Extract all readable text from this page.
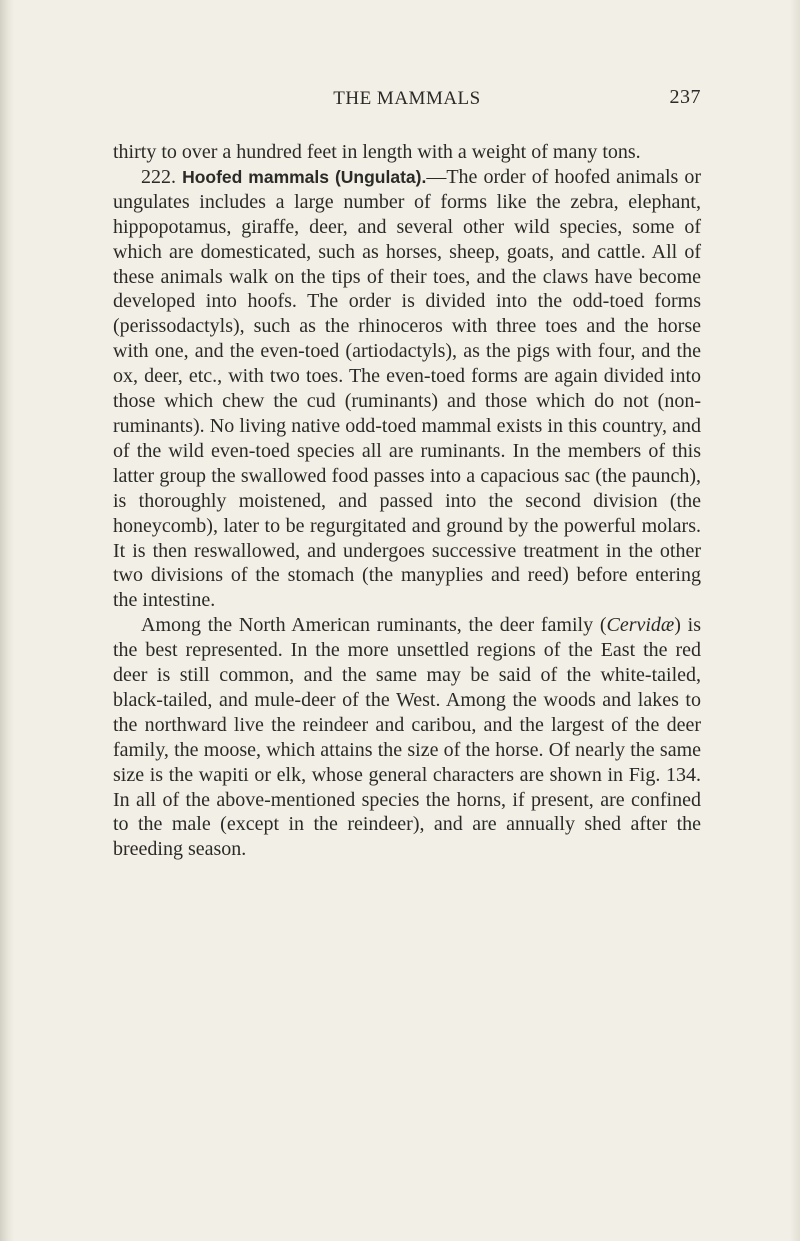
THE MAMMALS	237

thirty to over a hundred feet in length with a weight of many tons.

222. Hoofed mammals (Ungulata).—The order of hoofed animals or ungulates includes a large number of forms like the zebra, elephant, hippopotamus, giraffe, deer, and several other wild species, some of which are domesticated, such as horses, sheep, goats, and cattle. All of these animals walk on the tips of their toes, and the claws have become developed into hoofs. The order is divided into the odd-toed forms (perissodactyls), such as the rhinoceros with three toes and the horse with one, and the even-toed (artiodactyls), as the pigs with four, and the ox, deer, etc., with two toes. The even-toed forms are again divided into those which chew the cud (ruminants) and those which do not (non-ruminants). No living native odd-toed mammal exists in this country, and of the wild even-toed species all are ruminants. In the members of this latter group the swallowed food passes into a capacious sac (the paunch), is thoroughly moistened, and passed into the second division (the honeycomb), later to be regurgitated and ground by the powerful molars. It is then reswallowed, and undergoes successive treatment in the other two divisions of the stomach (the manyplies and reed) before entering the intestine.

Among the North American ruminants, the deer family (Cervidæ) is the best represented. In the more unsettled regions of the East the red deer is still common, and the same may be said of the white-tailed, black-tailed, and mule-deer of the West. Among the woods and lakes to the northward live the reindeer and caribou, and the largest of the deer family, the moose, which attains the size of the horse. Of nearly the same size is the wapiti or elk, whose general characters are shown in Fig. 134. In all of the above-mentioned species the horns, if present, are confined to the male (except in the reindeer), and are annually shed after the breeding season.
